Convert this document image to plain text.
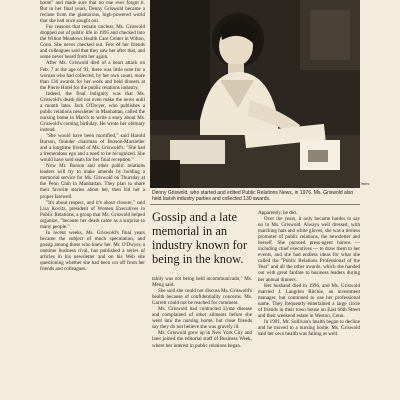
home" and made sure that no one ever forgot it. But in her final years, Denny Griswold became a recluse from the glamorous, high-powered world that she had once sought out.

For reasons that remain unclear, Ms. Griswold dropped out of public life in 1995 and checked into the Wilton Meadows Health Care Center in Wilton, Conn. She never checked out. Few of her friends and colleagues said that they saw her after that, and some never heard from her again.

After Ms. Griswold died of a heart attack on Feb. 7 at the age of 91, there was little note for a woman who had collected, by her own count, more than 130 awards for her work and held dinners at the Pierre Hotel for the public relations industry.

Indeed, the final indignity was that Ms. Griswold's death did not even make the news until a month later. Jack O'Dwyer, who publishes a public relations newsletter in Manhattan, called the nursing home in March to write a story about Ms. Griswold's coming birthday. He wrote her obituary instead.

"She would have been mortified," said Harold Burson, founder chairman of Burson-Marsteller and a longtime friend of Ms. Griswold's. "She had a tremendous ego and a need to be recognized. She would have sold seats for her final reception."

Now Mr. Burson and other public relations leaders will try to make amends by holding a memorial service for Ms. Griswold on Thursday at the Penn Club in Manhattan. They plan to share their favorite stories about her, then bid her a proper farewell.

"It's about respect, and it's about closure," said Lisa Kovitz, president of Women Executives in Public Relations, a group that Ms. Griswold helped organize, "because her death came as a surprise to many people."

In recent weeks, Ms. Griswold's final years became the subject of much speculation, and gossip among those who knew her. Mr. O'Dwyer, a onetime business rival, has published a series of articles in his newsletter and on his Web site questioning whether she had been cut off from her friends and colleagues.

Bob Rieveley/The New York Times
Denny Griswold, who started and edited Public Relations News, in 1976. Ms. Griswold also held lavish industry parties and collected 130 awards.
Gossip and a late memorial in an industry known for being in the know.

tainly was not being held incommunicado," Ms. Meng said.

She said she could not discuss Ms. Griswold's health because of confidentiality concerns. Ms. Garrett could not be reached for comment.

Ms. Griswold had contracted Lyme disease and complained of other ailments before she went into the nursing home, but close friends say they do not believe she was gravely ill.

Ms. Griswold grew up in New York City and later joined the editorial staff of Business Week, where her interest in public relations began.

Apparently, he did.

Over the years, it only became harder to say no to Ms. Griswold. Always well dressed, with matching hats and white gloves, she was a tireless promoter of public relations, the newsletter and herself. She pursued press-agent barons — including chief executives — to draw them to her events, and she had endless ideas for what she called the "Public Relations Professional of the Year" and all the other awards, which she handed out with great fanfare to business leaders during her annual dinners.

Her husband died in 1996, and Ms. Griswold married J. Langdon Ritchie, an investment manager, but continued to use her professional name. They frequently entertained a large circle of friends in their town house on East 66th Street and their weekend estate in Weston, Conn.

In 1991, Mr. Sullivan's health began to decline and he moved to a nursing home. Ms. Griswold said her own health was failing as well.
